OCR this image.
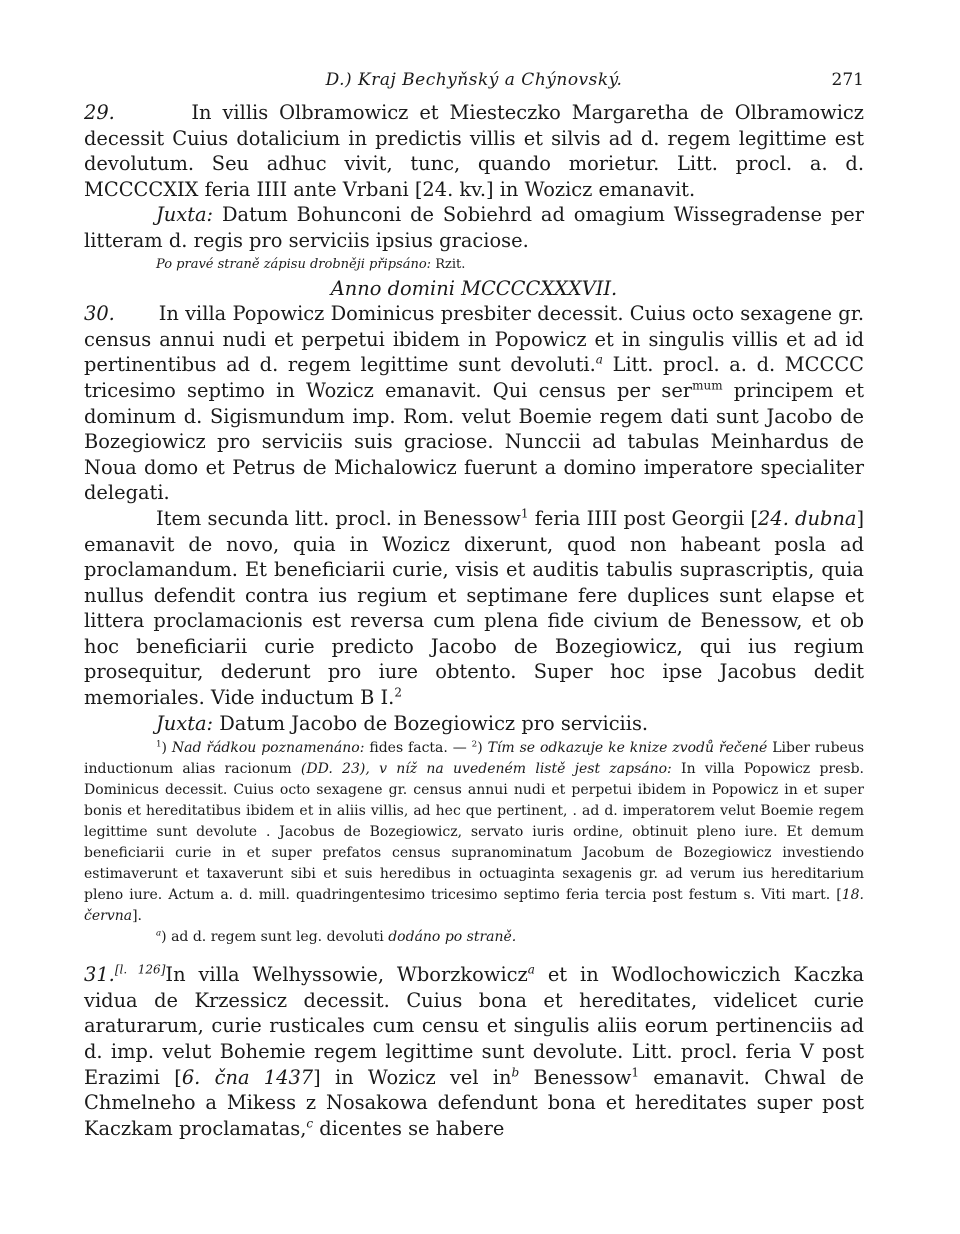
D.) Kraj Bechyňský a Chýnovský.	271

29.	In villis Olbramowicz et Miesteczko Margaretha de Olbramowicz decessit Cuius dotalicium in predictis villis et silvis ad d. regem legittime est devolutum. Seu adhuc vivit, tunc, quando morietur. Litt. procl. a. d. MCCCCXIX feria IIII ante Vrbani [24. kv.] in Wozicz emanavit.

Juxta: Datum Bohunconi de Sobiehrd ad omagium Wissegradense per litteram d. regis pro serviciis ipsius graciose.

Po pravé straně zápisu drobněji připsáno: Rzit.

Anno domini MCCCCXXXVII.

30. In villa Popowicz Dominicus presbiter decessit. Cuius octo sexagene gr. census annui nudi et perpetui ibidem in Popowicz et in singulis villis et ad id pertinentibus ad d. regem legittime sunt devoluti.$^a$ Litt. procl. a. d. MCCCC tricesimo septimo in Wozicz emanavit. Qui census per ser$^{mum}$ principem et dominum d. Sigismundum imp. Rom. velut Boemie regem dati sunt Jacobo de Bozegiowicz pro serviciis suis graciose. Nunccii ad tabulas Meinhardus de Noua domo et Petrus de Michalowicz fuerunt a domino imperatore specialiter delegati.

Item secunda litt. procl. in Benessow$^1$ feria IIII post Georgii [24. dubna] emanavit de novo, quia in Wozicz dixerunt, quod non habeant posla ad proclamandum. Et beneficiarii curie, visis et auditis tabulis suprascriptis, quia nullus defendit contra ius regium et septimane fere duplices sunt elapse et littera proclamacionis est reversa cum plena fide civium de Benessow, et ob hoc beneficiarii curie predicto Jacobo de Bozegiowicz, qui ius regium prosequitur, dederunt pro iure obtento. Super hoc ipse Jacobus dedit memoriales. Vide inductum B I.$^2$

Juxta: Datum Jacobo de Bozegiowicz pro serviciis.

$^1$) Nad řádkou poznamenáno: fides facta. — $^2$) Tím se odkazuje ke knize zvodů řečené Liber rubeus inductionum alias racionum (DD. 23), v níž na uvedeném listě jest zapsáno: In villa Popowicz presb. Dominicus decessit. Cuius octo sexagene gr. census annui nudi et perpetui ibidem in Popowicz in et super bonis et hereditatibus ibidem et in aliis villis, ad hec que pertinent, . ad d. imperatorem velut Boemie regem legittime sunt devolute . Jacobus de Bozegiowicz, servato iuris ordine, obtinuit pleno iure. Et demum beneficiarii curie in et super prefatos census supranominatum Jacobum de Bozegiowicz investiendo estimaverunt et taxaverunt sibi et suis heredibus in octuaginta sexagenis gr. ad verum ius hereditarium pleno iure. Actum a. d. mill. quadringentesimo tricesimo septimo feria tercia post festum s. Viti mart. [18. června].

$^a$) ad d. regem sunt leg. devoluti dodáno po straně.

31.[l. 126]In villa Welhyssowie, Wborzkowicz$^a$ et in Wodlochowiczich Kaczka vidua de Krzessicz decessit. Cuius bona et hereditates, videlicet curie araturarum, curie rusticales cum censu et singulis aliis eorum pertinenciis ad d. imp. velut Bohemie regem legittime sunt devolute. Litt. procl. feria V post Erazimi [6. čna 1437] in Wozicz vel $in^b$ Benessow$^1$ emanavit. Chwal de Chmelneho a Mikess z Nosakowa defendunt bona et hereditates super post Kaczkam proclamatas,$^c$ dicentes se habere
